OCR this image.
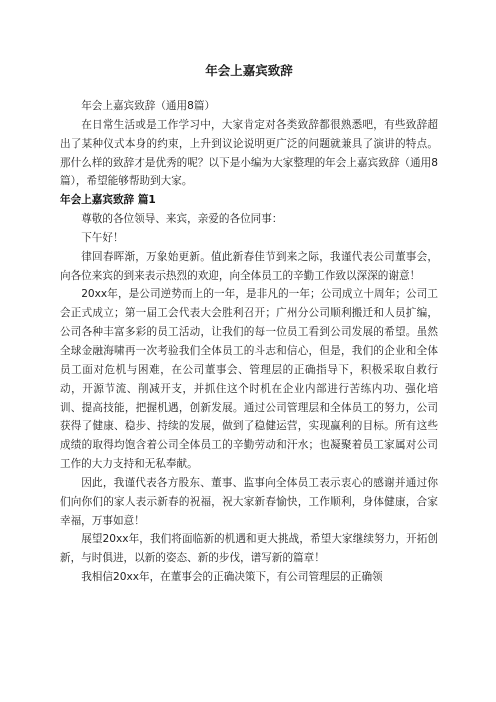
年会上嘉宾致辞

年会上嘉宾致辞（通用8篇）

在日常生活或是工作学习中，大家肯定对各类致辞都很熟悉吧，有些致辞超出了某种仪式本身的约束，上升到议论说明更广泛的问题就兼具了演讲的特点。那什么样的致辞才是优秀的呢？以下是小编为大家整理的年会上嘉宾致辞（通用8篇），希望能够帮助到大家。

年会上嘉宾致辞 篇1

尊敬的各位领导、来宾，亲爱的各位同事：

下午好！

律回春晖渐，万象始更新。值此新春佳节到来之际，我谨代表公司董事会，向各位来宾的到来表示热烈的欢迎，向全体员工的辛勤工作致以深深的谢意！

20xx年，是公司逆势而上的一年，是非凡的一年；公司成立十周年；公司工会正式成立；第一届工会代表大会胜利召开；广州分公司顺利搬迁和人员扩编，公司各种丰富多彩的员工活动，让我们的每一位员工看到公司发展的希望。虽然全球金融海啸再一次考验我们全体员工的斗志和信心，但是，我们的企业和全体员工面对危机与困难，在公司董事会、管理层的正确指导下，积极采取自救行动，开源节流、削减开支，并抓住这个时机在企业内部进行苦练内功、强化培训、提高技能，把握机遇，创新发展。通过公司管理层和全体员工的努力，公司获得了健康、稳步、持续的发展，做到了稳健运营，实现赢利的目标。所有这些成绩的取得均饱含着公司全体员工的辛勤劳动和汗水；也凝聚着员工家属对公司工作的大力支持和无私奉献。

因此，我谨代表各方股东、董事、监事向全体员工表示衷心的感谢并通过你们向你们的家人表示新春的祝福，祝大家新春愉快，工作顺利，身体健康，合家幸福，万事如意！

展望20xx年，我们将面临新的机遇和更大挑战，希望大家继续努力，开拓创新，与时俱进，以新的姿态、新的步伐，谱写新的篇章！

我相信20xx年，在董事会的正确决策下，有公司管理层的正确领
